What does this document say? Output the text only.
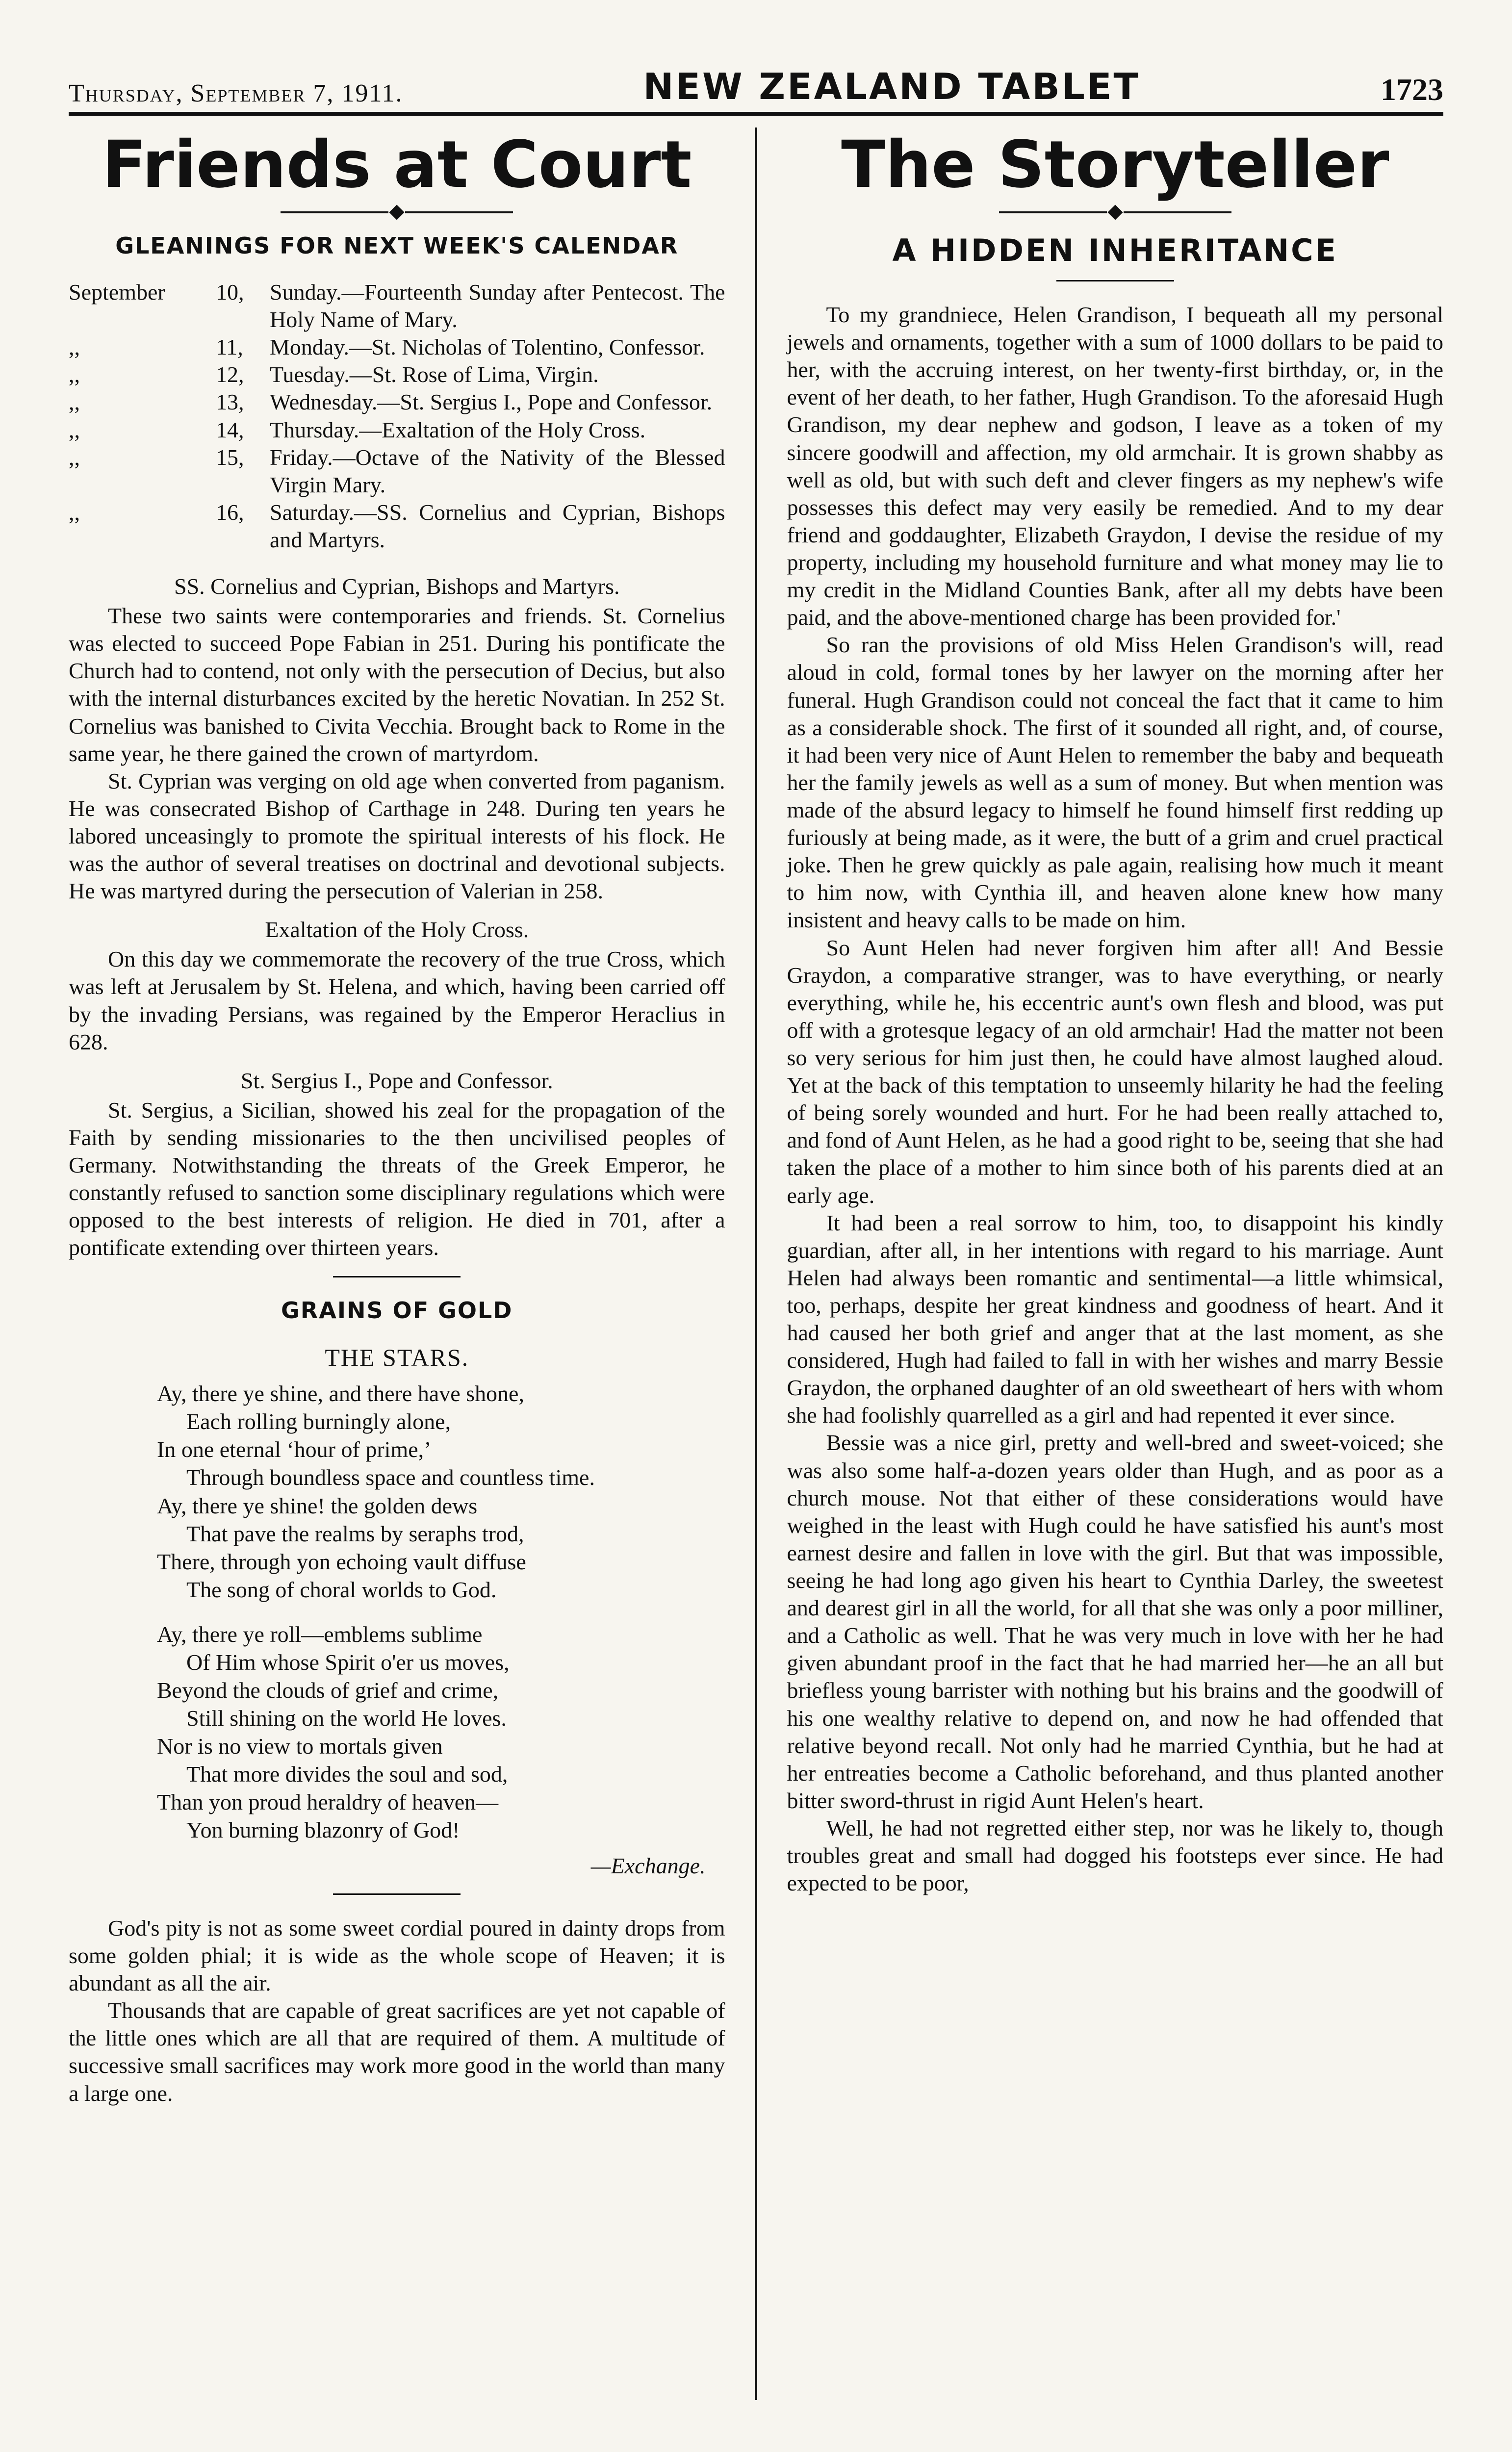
Thursday, September 7, 1911.	NEW ZEALAND TABLET	1723
Friends at Court
GLEANINGS FOR NEXT WEEK'S CALENDAR
September	10,	Sunday.—Fourteenth Sunday after Pentecost. The Holy Name of Mary.
,,	11,	Monday.—St. Nicholas of Tolentino, Confessor.
,,	12,	Tuesday.—St. Rose of Lima, Virgin.
,,	13,	Wednesday.—St. Sergius I., Pope and Confessor.
,,	14,	Thursday.—Exaltation of the Holy Cross.
,,	15,	Friday.—Octave of the Nativity of the Blessed Virgin Mary.
,,	16,	Saturday.—SS. Cornelius and Cyprian, Bishops and Martyrs.
SS. Cornelius and Cyprian, Bishops and Martyrs.

These two saints were contemporaries and friends. St. Cornelius was elected to succeed Pope Fabian in 251. During his pontificate the Church had to contend, not only with the persecution of Decius, but also with the internal disturbances excited by the heretic Novatian. In 252 St. Cornelius was banished to Civita Vecchia. Brought back to Rome in the same year, he there gained the crown of martyrdom.

St. Cyprian was verging on old age when converted from paganism. He was consecrated Bishop of Carthage in 248. During ten years he labored unceasingly to promote the spiritual interests of his flock. He was the author of several treatises on doctrinal and devotional subjects. He was martyred during the persecution of Valerian in 258.

Exaltation of the Holy Cross.

On this day we commemorate the recovery of the true Cross, which was left at Jerusalem by St. Helena, and which, having been carried off by the invading Persians, was regained by the Emperor Heraclius in 628.

St. Sergius I., Pope and Confessor.

St. Sergius, a Sicilian, showed his zeal for the propagation of the Faith by sending missionaries to the then uncivilised peoples of Germany. Notwithstanding the threats of the Greek Emperor, he constantly refused to sanction some disciplinary regulations which were opposed to the best interests of religion. He died in 701, after a pontificate extending over thirteen years.

GRAINS OF GOLD
THE STARS.
Ay, there ye shine, and there have shone,
Each rolling burningly alone,
In one eternal ‘hour of prime,’
Through boundless space and countless time.
Ay, there ye shine! the golden dews
That pave the realms by seraphs trod,
There, through yon echoing vault diffuse
The song of choral worlds to God.
Ay, there ye roll—emblems sublime
Of Him whose Spirit o'er us moves,
Beyond the clouds of grief and crime,
Still shining on the world He loves.
Nor is no view to mortals given
That more divides the soul and sod,
Than yon proud heraldry of heaven—
Yon burning blazonry of God!
—Exchange.

God's pity is not as some sweet cordial poured in dainty drops from some golden phial; it is wide as the whole scope of Heaven; it is abundant as all the air.

Thousands that are capable of great sacrifices are yet not capable of the little ones which are all that are required of them. A multitude of successive small sacrifices may work more good in the world than many a large one.

The Storyteller
A HIDDEN INHERITANCE

To my grandniece, Helen Grandison, I bequeath all my personal jewels and ornaments, together with a sum of 1000 dollars to be paid to her, with the accruing interest, on her twenty-first birthday, or, in the event of her death, to her father, Hugh Grandison. To the aforesaid Hugh Grandison, my dear nephew and godson, I leave as a token of my sincere goodwill and affection, my old armchair. It is grown shabby as well as old, but with such deft and clever fingers as my nephew's wife possesses this defect may very easily be remedied. And to my dear friend and goddaughter, Elizabeth Graydon, I devise the residue of my property, including my household furniture and what money may lie to my credit in the Midland Counties Bank, after all my debts have been paid, and the above-mentioned charge has been provided for.'

So ran the provisions of old Miss Helen Grandison's will, read aloud in cold, formal tones by her lawyer on the morning after her funeral. Hugh Grandison could not conceal the fact that it came to him as a considerable shock. The first of it sounded all right, and, of course, it had been very nice of Aunt Helen to remember the baby and bequeath her the family jewels as well as a sum of money. But when mention was made of the absurd legacy to himself he found himself first redding up furiously at being made, as it were, the butt of a grim and cruel practical joke. Then he grew quickly as pale again, realising how much it meant to him now, with Cynthia ill, and heaven alone knew how many insistent and heavy calls to be made on him.

So Aunt Helen had never forgiven him after all! And Bessie Graydon, a comparative stranger, was to have everything, or nearly everything, while he, his eccentric aunt's own flesh and blood, was put off with a grotesque legacy of an old armchair! Had the matter not been so very serious for him just then, he could have almost laughed aloud. Yet at the back of this temptation to unseemly hilarity he had the feeling of being sorely wounded and hurt. For he had been really attached to, and fond of Aunt Helen, as he had a good right to be, seeing that she had taken the place of a mother to him since both of his parents died at an early age.

It had been a real sorrow to him, too, to disappoint his kindly guardian, after all, in her intentions with regard to his marriage. Aunt Helen had always been romantic and sentimental—a little whimsical, too, perhaps, despite her great kindness and goodness of heart. And it had caused her both grief and anger that at the last moment, as she considered, Hugh had failed to fall in with her wishes and marry Bessie Graydon, the orphaned daughter of an old sweetheart of hers with whom she had foolishly quarrelled as a girl and had repented it ever since.

Bessie was a nice girl, pretty and well-bred and sweet-voiced; she was also some half-a-dozen years older than Hugh, and as poor as a church mouse. Not that either of these considerations would have weighed in the least with Hugh could he have satisfied his aunt's most earnest desire and fallen in love with the girl. But that was impossible, seeing he had long ago given his heart to Cynthia Darley, the sweetest and dearest girl in all the world, for all that she was only a poor milliner, and a Catholic as well. That he was very much in love with her he had given abundant proof in the fact that he had married her—he an all but briefless young barrister with nothing but his brains and the goodwill of his one wealthy relative to depend on, and now he had offended that relative beyond recall. Not only had he married Cynthia, but he had at her entreaties become a Catholic beforehand, and thus planted another bitter sword-thrust in rigid Aunt Helen's heart.

Well, he had not regretted either step, nor was he likely to, though troubles great and small had dogged his footsteps ever since. He had expected to be poor,
